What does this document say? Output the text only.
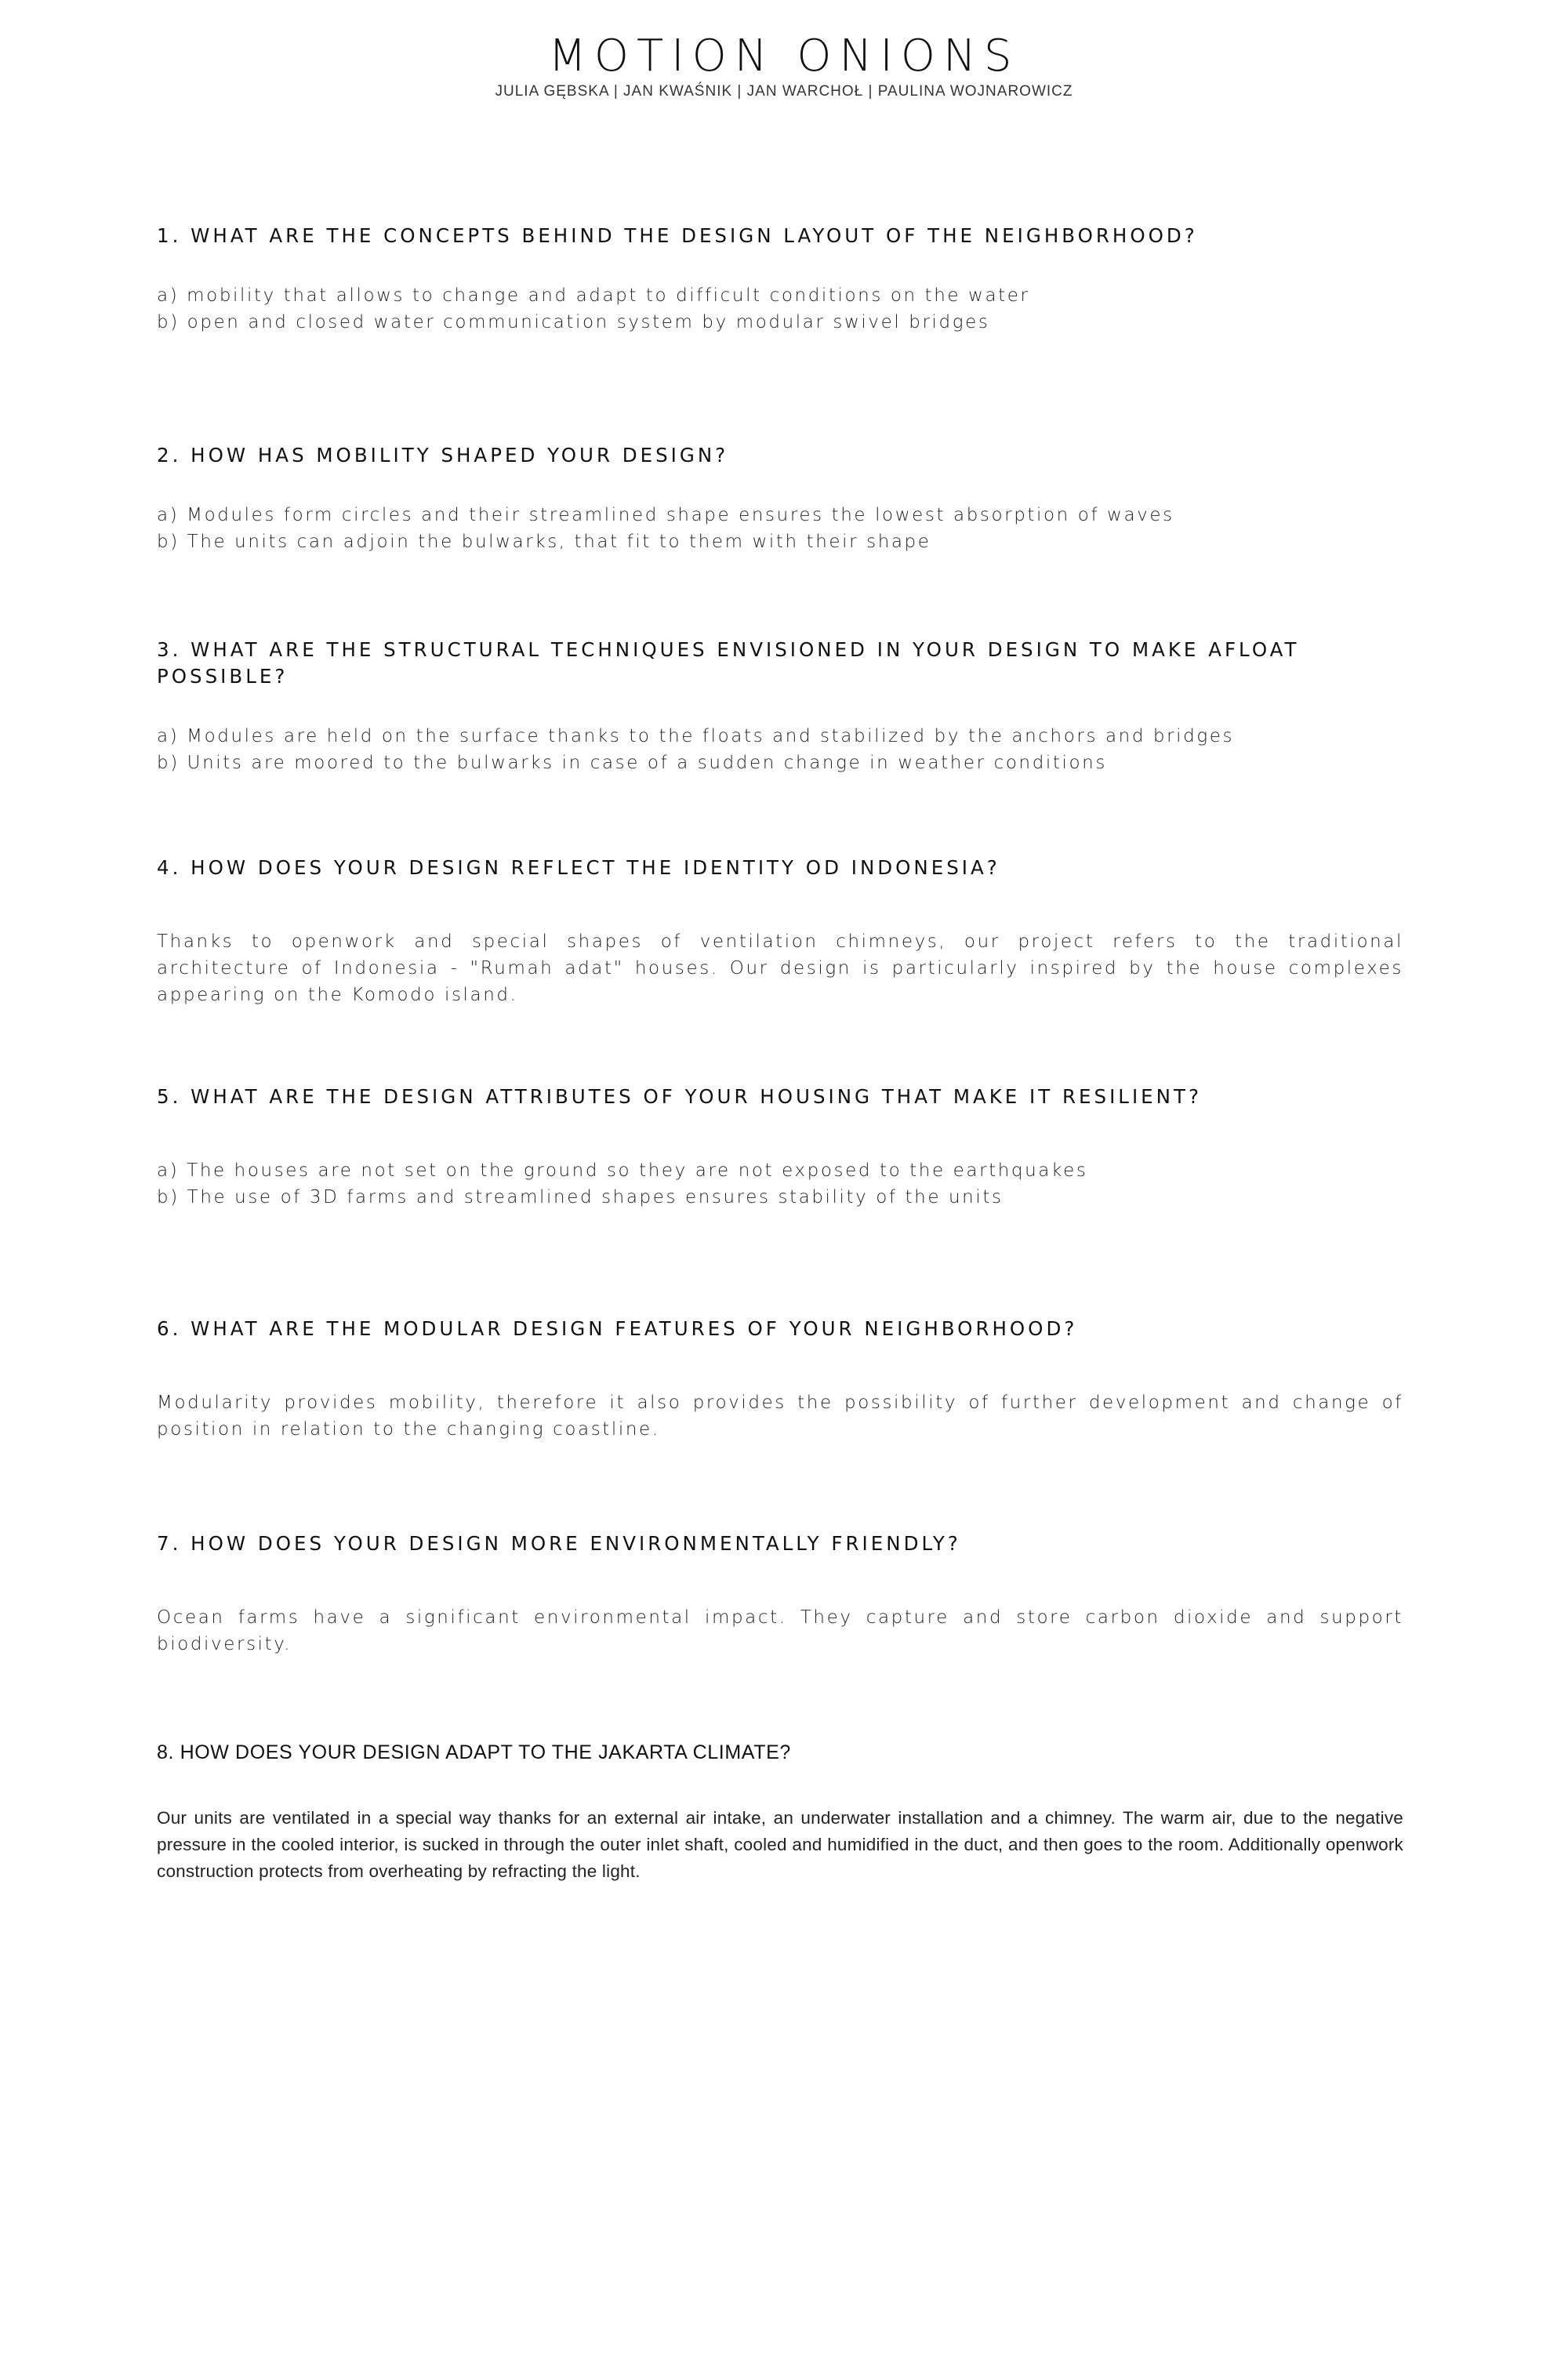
MOTION ONIONS
JULIA GĘBSKA | JAN KWAŚNIK | JAN WARCHOŁ | PAULINA WOJNAROWICZ
1. WHAT ARE THE CONCEPTS BEHIND THE DESIGN LAYOUT OF THE NEIGHBORHOOD?

a) mobility that allows to change and adapt to difficult conditions on the water

b) open and closed water communication system by modular swivel bridges

2. HOW HAS MOBILITY SHAPED YOUR DESIGN?

a) Modules form circles and their streamlined shape ensures the lowest absorption of waves

b) The units can adjoin the bulwarks, that fit to them with their shape

3. WHAT ARE THE STRUCTURAL TECHNIQUES ENVISIONED IN YOUR DESIGN TO MAKE AFLOAT POSSIBLE?

a) Modules are held on the surface thanks to the floats and stabilized by the anchors and bridges

b) Units are moored to the bulwarks in case of a sudden change in weather conditions

4. HOW DOES YOUR DESIGN REFLECT THE IDENTITY OD INDONESIA?

Thanks to openwork and special shapes of ventilation chimneys, our project refers to the traditional architecture of Indonesia - "Rumah adat" houses. Our design is particularly inspired by the house complexes appearing on the Komodo island.

5. WHAT ARE THE DESIGN ATTRIBUTES OF YOUR HOUSING THAT MAKE IT RESILIENT?

a) The houses are not set on the ground so they are not exposed to the earthquakes

b) The use of 3D farms and streamlined shapes ensures stability of the units

6. WHAT ARE THE MODULAR DESIGN FEATURES OF YOUR NEIGHBORHOOD?

Modularity provides mobility, therefore it also provides the possibility of further development and change of position in relation to the changing coastline.

7. HOW DOES YOUR DESIGN MORE ENVIRONMENTALLY FRIENDLY?

Ocean farms have a significant environmental impact. They capture and store carbon dioxide and support biodiversity.

8. HOW DOES YOUR DESIGN ADAPT TO THE JAKARTA CLIMATE?

Our units are ventilated in a special way thanks for an external air intake, an underwater installation and a chimney. The warm air, due to the negative pressure in the cooled interior, is sucked in through the outer inlet shaft, cooled and humidified in the duct, and then goes to the room. Additionally openwork construction protects from overheating by refracting the light.
